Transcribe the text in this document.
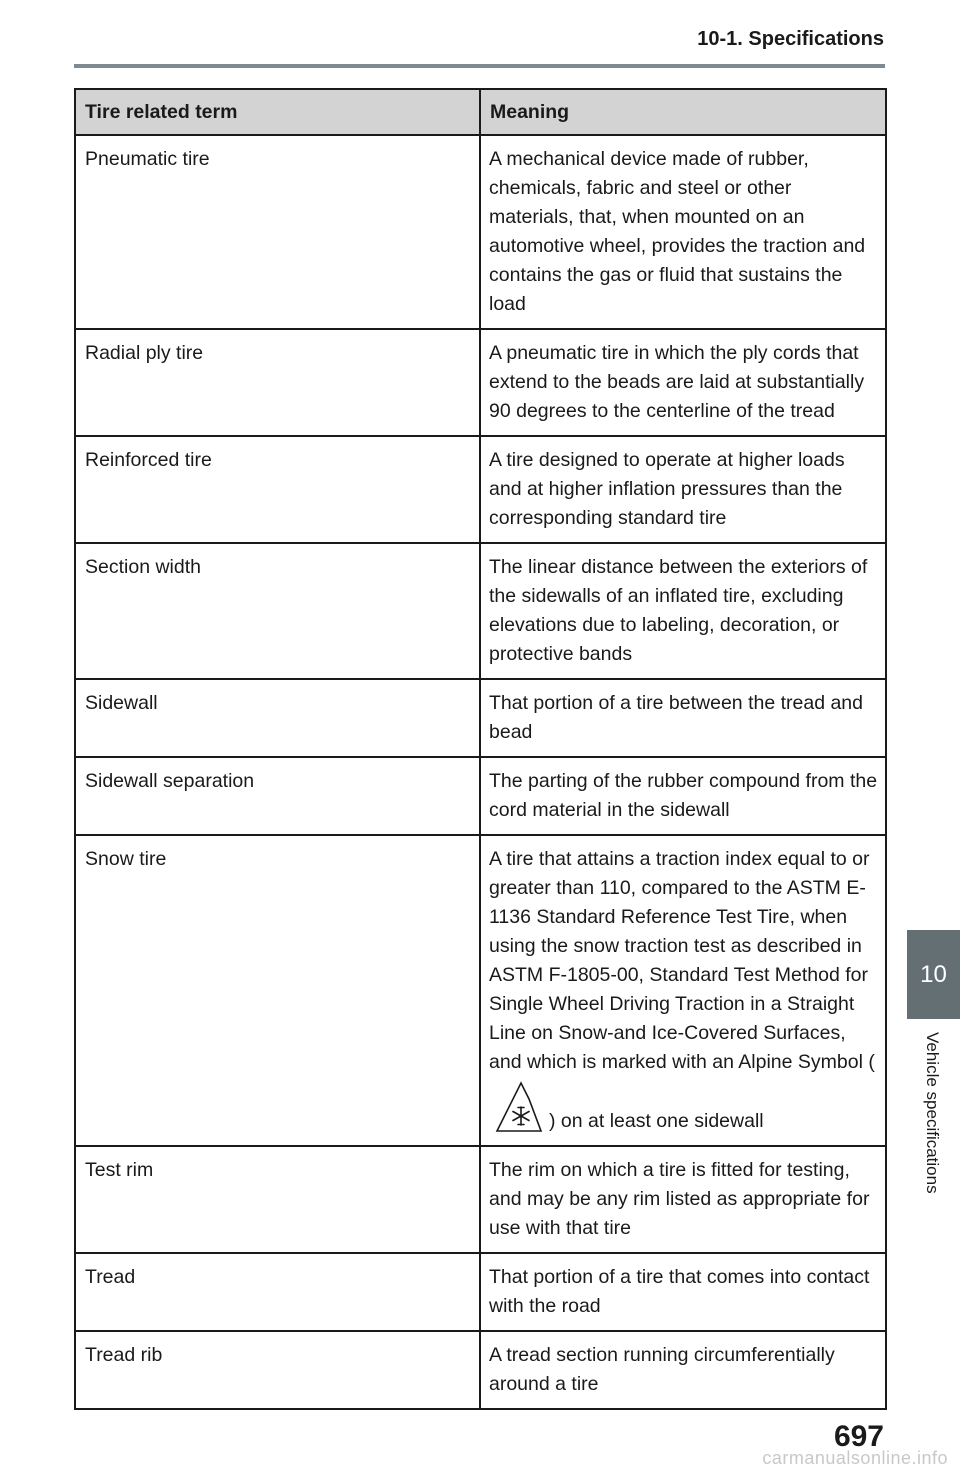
10-1. Specifications
Tire related term	Meaning
Pneumatic tire	A mechanical device made of rubber, chemicals, fabric and steel or other materials, that, when mounted on an automotive wheel, provides the traction and contains the gas or fluid that sustains the load
Radial ply tire	A pneumatic tire in which the ply cords that extend to the beads are laid at substantially 90 degrees to the centerline of the tread
Reinforced tire	A tire designed to operate at higher loads and at higher inflation pressures than the corresponding standard tire
Section width	The linear distance between the exteriors of the sidewalls of an inflated tire, excluding elevations due to labeling, decoration, or protective bands
Sidewall	That portion of a tire between the tread and bead
Sidewall separation	The parting of the rubber compound from the cord material in the sidewall
Snow tire	A tire that attains a traction index equal to or greater than 110, compared to the ASTM E-1136 Standard Reference Test Tire, when using the snow traction test as described in ASTM F-1805-00, Standard Test Method for Single Wheel Driving Traction in a Straight Line on Snow-and Ice-Covered Surfaces, and which is marked with an Alpine Symbol () on at least one sidewall
Test rim	The rim on which a tire is fitted for testing, and may be any rim listed as appropriate for use with that tire
Tread	That portion of a tire that comes into contact with the road
Tread rib	A tread section running circumferentially around a tire
10
Vehicle specifications
697
carmanualsonline.info
